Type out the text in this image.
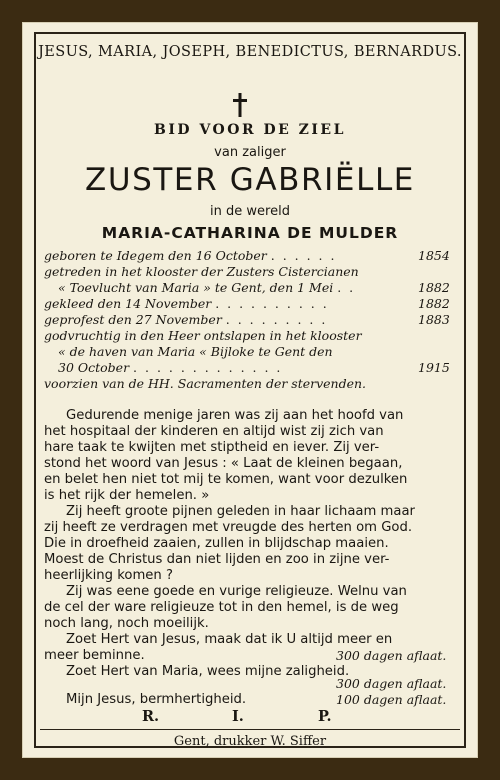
JESUS, MARIA, JOSEPH, BENEDICTUS, BERNARDUS.
BID VOOR DE ZIEL
van zaliger
ZUSTER GABRIËLLE
in de wereld
MARIA-CATHARINA DE MULDER
geboren te Idegem den 16 October . . . . . .	1854
getreden in het klooster der Zusters Cistercianen
« Toevlucht van Maria » te Gent, den 1 Mei . .	1882
gekleed den 14 November . . . . . . . . . .	1882
geprofest den 27 November . . . . . . . . .	1883
godvruchtig in den Heer ontslapen in het klooster
« de haven van Maria « Bijloke te Gent den
30 October . . . . . . . . . . . . .	1915
voorzien van de HH. Sacramenten der stervenden.
Gedurende menige jaren was zij aan het hoofd van
het hospitaal der kinderen en altijd wist zij zich van
hare taak te kwijten met stiptheid en iever. Zij ver-
stond het woord van Jesus : « Laat de kleinen begaan,
en belet hen niet tot mij te komen, want voor dezulken
is het rijk der hemelen. »
Zij heeft groote pijnen geleden in haar lichaam maar
zij heeft ze verdragen met vreugde des herten om God.
Die in droefheid zaaien, zullen in blijdschap maaien.
Moest de Christus dan niet lijden en zoo in zijne ver-
heerlijking komen ?
Zij was eene goede en vurige religieuze. Welnu van
de cel der ware religieuze tot in den hemel, is de weg
noch lang, noch moeilijk.
Zoet Hert van Jesus, maak dat ik U altijd meer en
meer beminne.	300 dagen aflaat.
Zoet Hert van Maria, wees mijne zaligheid.
300 dagen aflaat.
Mijn Jesus, bermhertigheid.	100 dagen aflaat.
R.	I.	P.
Gent, drukker W. Siffer
